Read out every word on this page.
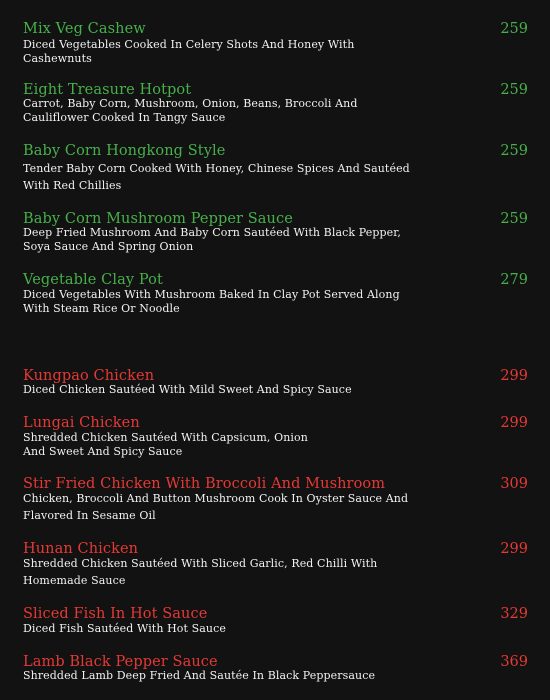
Mix Veg Cashew	259
Diced Vegetables Cooked In Celery Shots And Honey With
Cashewnuts
Eight Treasure Hotpot	259
Carrot, Baby Corn, Mushroom, Onion, Beans, Broccoli And
Cauliflower Cooked In Tangy Sauce
Baby Corn Hongkong Style	259
Tender Baby Corn Cooked With Honey, Chinese Spices And Sautéed
With Red Chillies
Baby Corn Mushroom Pepper Sauce	259
Deep Fried Mushroom And Baby Corn Sautéed With Black Pepper,
Soya Sauce And Spring Onion
Vegetable Clay Pot	279
Diced Vegetables With Mushroom Baked In Clay Pot Served Along
With Steam Rice Or Noodle
Kungpao Chicken	299
Diced Chicken Sautéed With Mild Sweet And Spicy Sauce
Lungai Chicken	299
Shredded Chicken Sautéed With Capsicum, Onion
And Sweet And Spicy Sauce
Stir Fried Chicken With Broccoli And Mushroom	309
Chicken, Broccoli And Button Mushroom Cook In Oyster Sauce And
Flavored In Sesame Oil
Hunan Chicken	299
Shredded Chicken Sautéed With Sliced Garlic, Red Chilli With
Homemade Sauce
Sliced Fish In Hot Sauce	329
Diced Fish Sautéed With Hot Sauce
Lamb Black Pepper Sauce	369
Shredded Lamb Deep Fried And Sautée In Black Peppersauce
